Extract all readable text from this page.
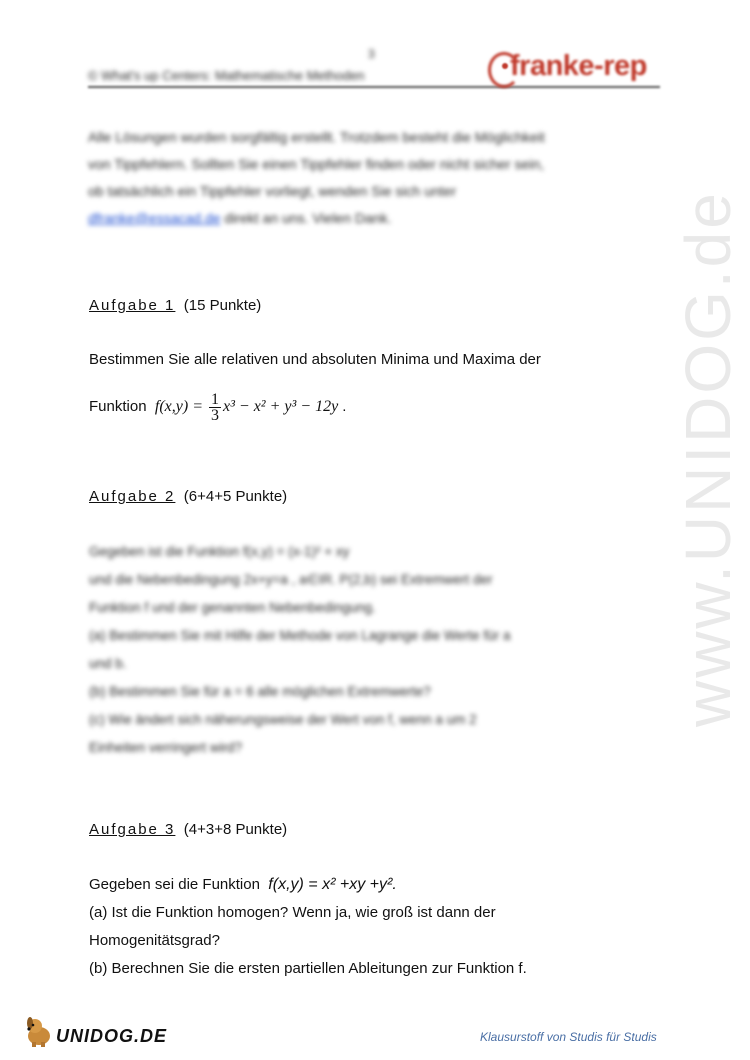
3
© What's up Centers: Mathematische Methoden	franke-rep
www.UNIDOG.de
Alle Lösungen wurden sorgfältig erstellt. Trotzdem besteht die Möglichkeit
von Tippfehlern. Sollten Sie einen Tippfehler finden oder nicht sicher sein,
ob tatsächlich ein Tippfehler vorliegt, wenden Sie sich unter
dfranke@essacad.de direkt an uns. Vielen Dank.
Aufgabe 1 (15 Punkte)
Bestimmen Sie alle relativen und absoluten Minima und Maxima der
Funktion $f(x,y) = \frac{1}{3} x^3 - x^2 + y^3 - 12y$ .
Aufgabe 2 (6+4+5 Punkte)
Gegeben ist die Funktion f(x,y) = (x-1)² + xy
und die Nebenbedingung 2x+y=a , a∈IR. P(2,b) sei Extremwert der
Funktion f und der genannten Nebenbedingung.
(a) Bestimmen Sie mit Hilfe der Methode von Lagrange die Werte für a
und b.
(b) Bestimmen Sie für a = 6 alle möglichen Extremwerte?
(c) Wie ändert sich näherungsweise der Wert von f, wenn a um 2
Einheiten verringert wird?
Aufgabe 3 (4+3+8 Punkte)
Gegeben sei die Funktion f(x,y) = x² +xy +y².
(a) Ist die Funktion homogen? Wenn ja, wie groß ist dann der
Homogenitätsgrad?
(b) Berechnen Sie die ersten partiellen Ableitungen zur Funktion f.
UNIDOG.DE	Klausurstoff von Studis für Studis
